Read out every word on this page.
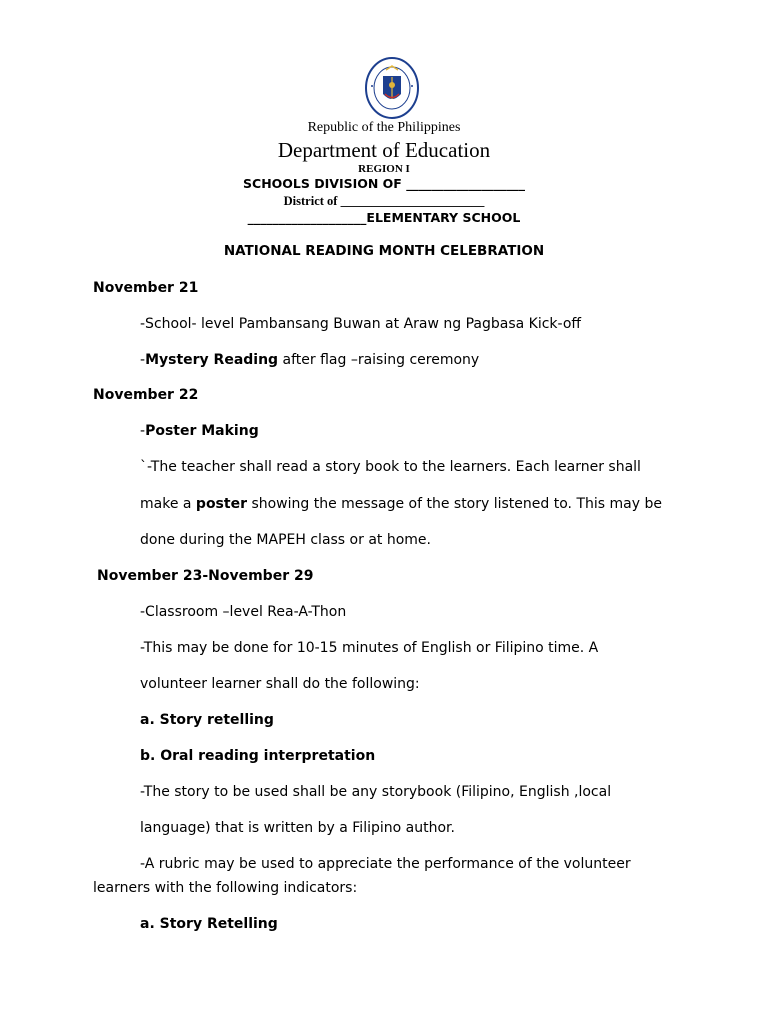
Republic of the Philippines
Department of Education
REGION I
SCHOOLS DIVISION OF ___________________
District of _______________________
___________________ELEMENTARY SCHOOL
NATIONAL READING MONTH CELEBRATION
November 21
-School- level Pambansang Buwan at Araw ng Pagbasa Kick-off
-Mystery Reading after flag –raising ceremony
November 22
-Poster Making
`-The teacher shall read a story book to the learners. Each learner shall
make a poster showing the message of the story listened to. This may be
done during the MAPEH class or at home.
November 23-November 29
-Classroom –level Rea-A-Thon
-This may be done for 10-15 minutes of English or Filipino time. A
volunteer learner shall do the following:
a. Story retelling
b. Oral reading interpretation
-The story to be used shall be any storybook (Filipino, English ,local
language) that is written by a Filipino author.
-A rubric may be used to appreciate the performance of the volunteer
learners with the following indicators:
a. Story Retelling
